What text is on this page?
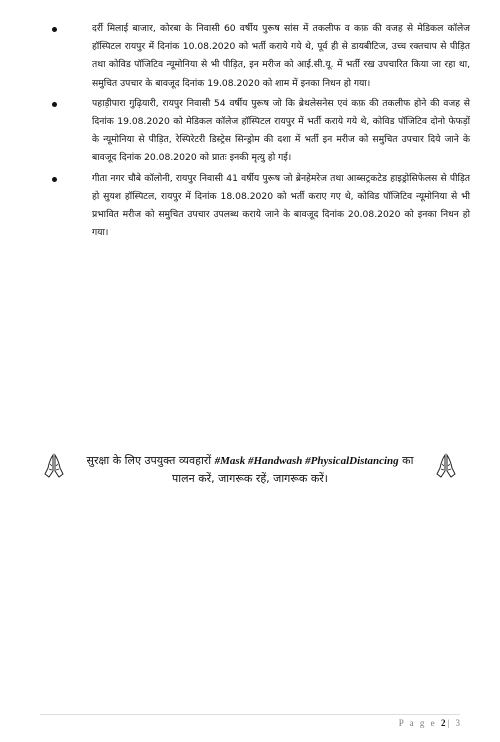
दर्री मिलाई बाजार, कोरबा के निवासी 60 वर्षीय पुरूष सांस में तकलीफ व कफ़ की वजह से मेडिकल कॉलेज हॉस्पिटल रायपुर में दिनांक 10.08.2020 को भर्ती कराये गये थे, पूर्व ही से डायबीटिज, उच्च रक्तचाप से पीड़ित तथा कोविड पॉजिटिव न्यूमोनिया से भी पीड़ित, इन मरीज को आई.सी.यू. में भर्ती रख उपचारित किया जा रहा था, समुचित उपचार के बावजूद दिनांक 19.08.2020 को शाम में इनका निधन हो गया।
पहाड़ीपारा गुढ़ियारी, रायपुर निवासी 54 वर्षीय पुरूष जो कि ब्रेथलेसनेस एवं कफ़ की तकलीफ होने की वजह से दिनांक 19.08.2020 को मेडिकल कॉलेज हॉस्पिटल रायपुर में भर्ती कराये गये थे, कोविड पॉजिटिव दोनो फेफड़ों के न्यूमोनिया से पीड़ित, रेस्पिरेटरी डिस्ट्रेस सिन्ड्रोम की दशा में भर्ती इन मरीज को समुचित उपचार दिये जाने के बावजूद दिनांक 20.08.2020 को प्रातः इनकी मृत्यु हो गई।
गीता नगर चौबे कॉलोनी, रायपुर निवासी 41 वर्षीय पुरूष जो ब्रेनहेमरेज तथा आब्सट्रकटेड हाइड्रोसिफेलस से पीड़ित हो सुयश हॉस्पिटल, रायपुर में दिनांक 18.08.2020 को भर्ती कराए गए थे, कोविड पॉजिटिव न्यूमोनिया से भी प्रभावित मरीज को समुचित उपचार उपलब्ध कराये जाने के बावजूद दिनांक 20.08.2020 को इनका निधन हो गया।
सुरक्षा के लिए उपयुक्त व्यवहारों #Mask #Handwash #PhysicalDistancing का पालन करें, जागरूक रहें, जागरूक करें।
P a g e 2| 3
